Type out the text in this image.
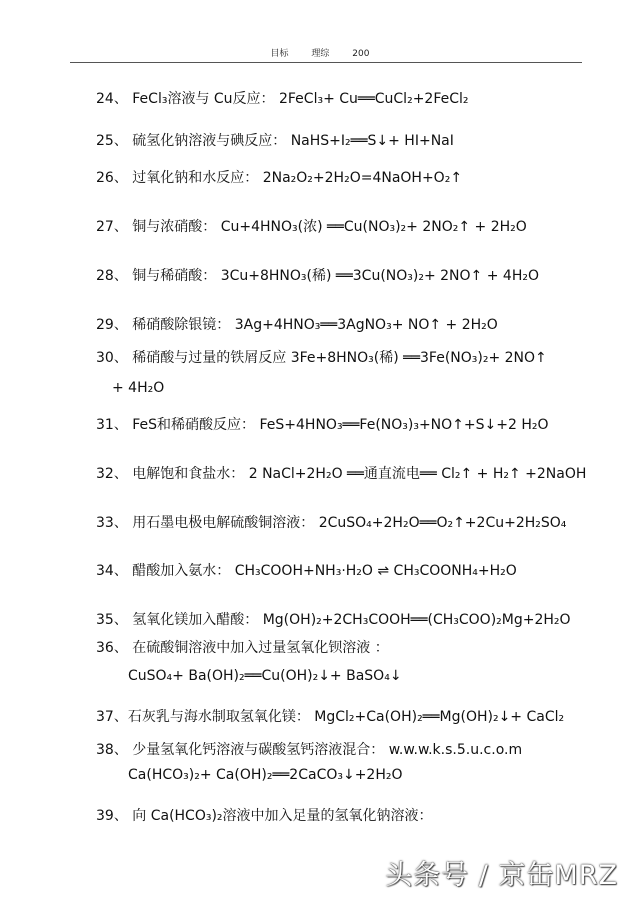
目标	理综	200
24、 FeCl₃溶液与 Cu反应： 2FeCl₃+ Cu══CuCl₂+2FeCl₂
25、 硫氢化钠溶液与碘反应： NaHS+I₂══S↓+ HI+NaI
26、 过氧化钠和水反应： 2Na₂O₂+2H₂O=4NaOH+O₂↑
27、 铜与浓硝酸： Cu+4HNO₃(浓) ══Cu(NO₃)₂+ 2NO₂↑ + 2H₂O
28、 铜与稀硝酸： 3Cu+8HNO₃(稀) ══3Cu(NO₃)₂+ 2NO↑ + 4H₂O
29、 稀硝酸除银镜： 3Ag+4HNO₃══3AgNO₃+ NO↑ + 2H₂O
30、 稀硝酸与过量的铁屑反应 3Fe+8HNO₃(稀) ══3Fe(NO₃)₂+ 2NO↑
+ 4H₂O
31、 FeS和稀硝酸反应： FeS+4HNO₃══Fe(NO₃)₃+NO↑+S↓+2 H₂O
32、 电解饱和食盐水： 2 NaCl+2H₂O ══通直流电══ Cl₂↑ + H₂↑ +2NaOH
33、 用石墨电极电解硫酸铜溶液： 2CuSO₄+2H₂O══O₂↑+2Cu+2H₂SO₄
34、 醋酸加入氨水： CH₃COOH+NH₃·H₂O ⇌ CH₃COONH₄+H₂O
35、 氢氧化镁加入醋酸： Mg(OH)₂+2CH₃COOH══(CH₃COO)₂Mg+2H₂O
36、 在硫酸铜溶液中加入过量氢氧化钡溶液 ：
CuSO₄+ Ba(OH)₂══Cu(OH)₂↓+ BaSO₄↓
37、石灰乳与海水制取氢氧化镁： MgCl₂+Ca(OH)₂══Mg(OH)₂↓+ CaCl₂
38、 少量氢氧化钙溶液与碳酸氢钙溶液混合： w.w.w.k.s.5.u.c.o.m
Ca(HCO₃)₂+ Ca(OH)₂══2CaCO₃↓+2H₂O
39、 向 Ca(HCO₃)₂溶液中加入足量的氢氧化钠溶液：
头条号 / 京缶MRZ
